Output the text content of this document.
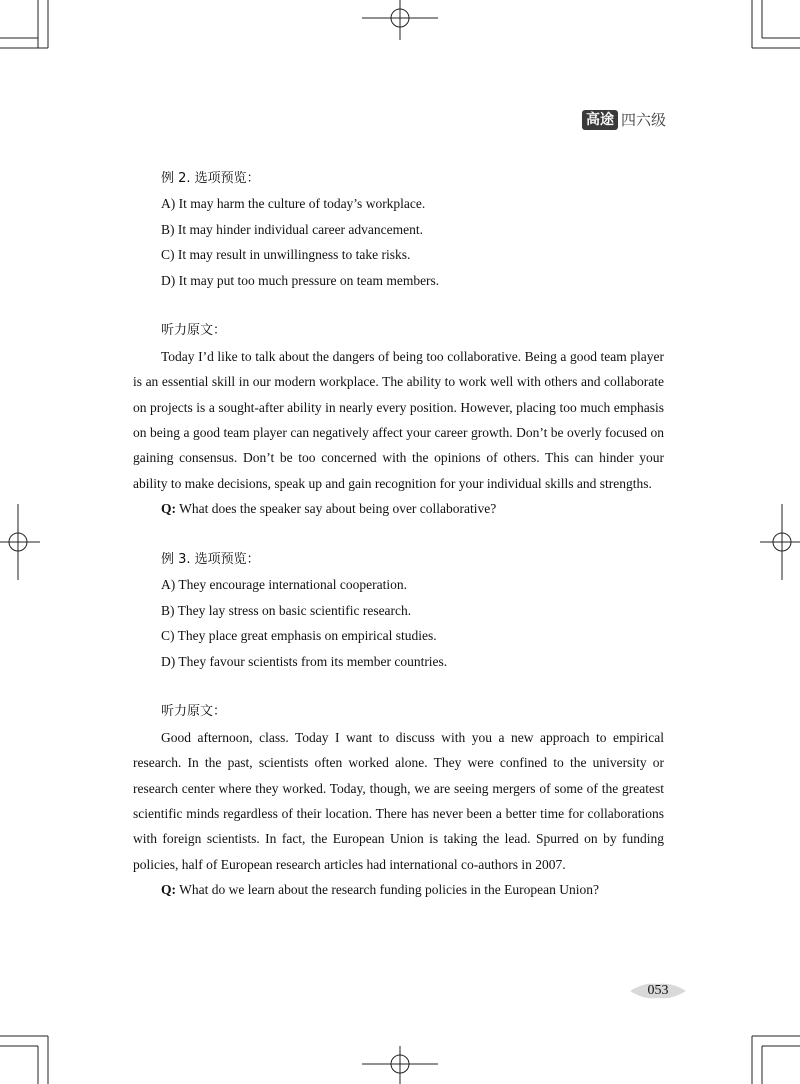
高途 四六级
例 2. 选项预览：
A) It may harm the culture of today’s workplace.
B) It may hinder individual career advancement.
C) It may result in unwillingness to take risks.
D) It may put too much pressure on team members.
听力原文：
Today I’d like to talk about the dangers of being too collaborative. Being a good team player is an essential skill in our modern workplace. The ability to work well with others and collaborate on projects is a sought-after ability in nearly every position. However, placing too much emphasis on being a good team player can negatively affect your career growth. Don’t be overly focused on gaining consensus. Don’t be too concerned with the opinions of others. This can hinder your ability to make decisions, speak up and gain recognition for your individual skills and strengths.
Q: What does the speaker say about being over collaborative?
例 3. 选项预览：
A) They encourage international cooperation.
B) They lay stress on basic scientific research.
C) They place great emphasis on empirical studies.
D) They favour scientists from its member countries.
听力原文：
Good afternoon, class. Today I want to discuss with you a new approach to empirical research. In the past, scientists often worked alone. They were confined to the university or research center where they worked. Today, though, we are seeing mergers of some of the greatest scientific minds regardless of their location. There has never been a better time for collaborations with foreign scientists. In fact, the European Union is taking the lead. Spurred on by funding policies, half of European research articles had international co-authors in 2007.
Q: What do we learn about the research funding policies in the European Union?
053
